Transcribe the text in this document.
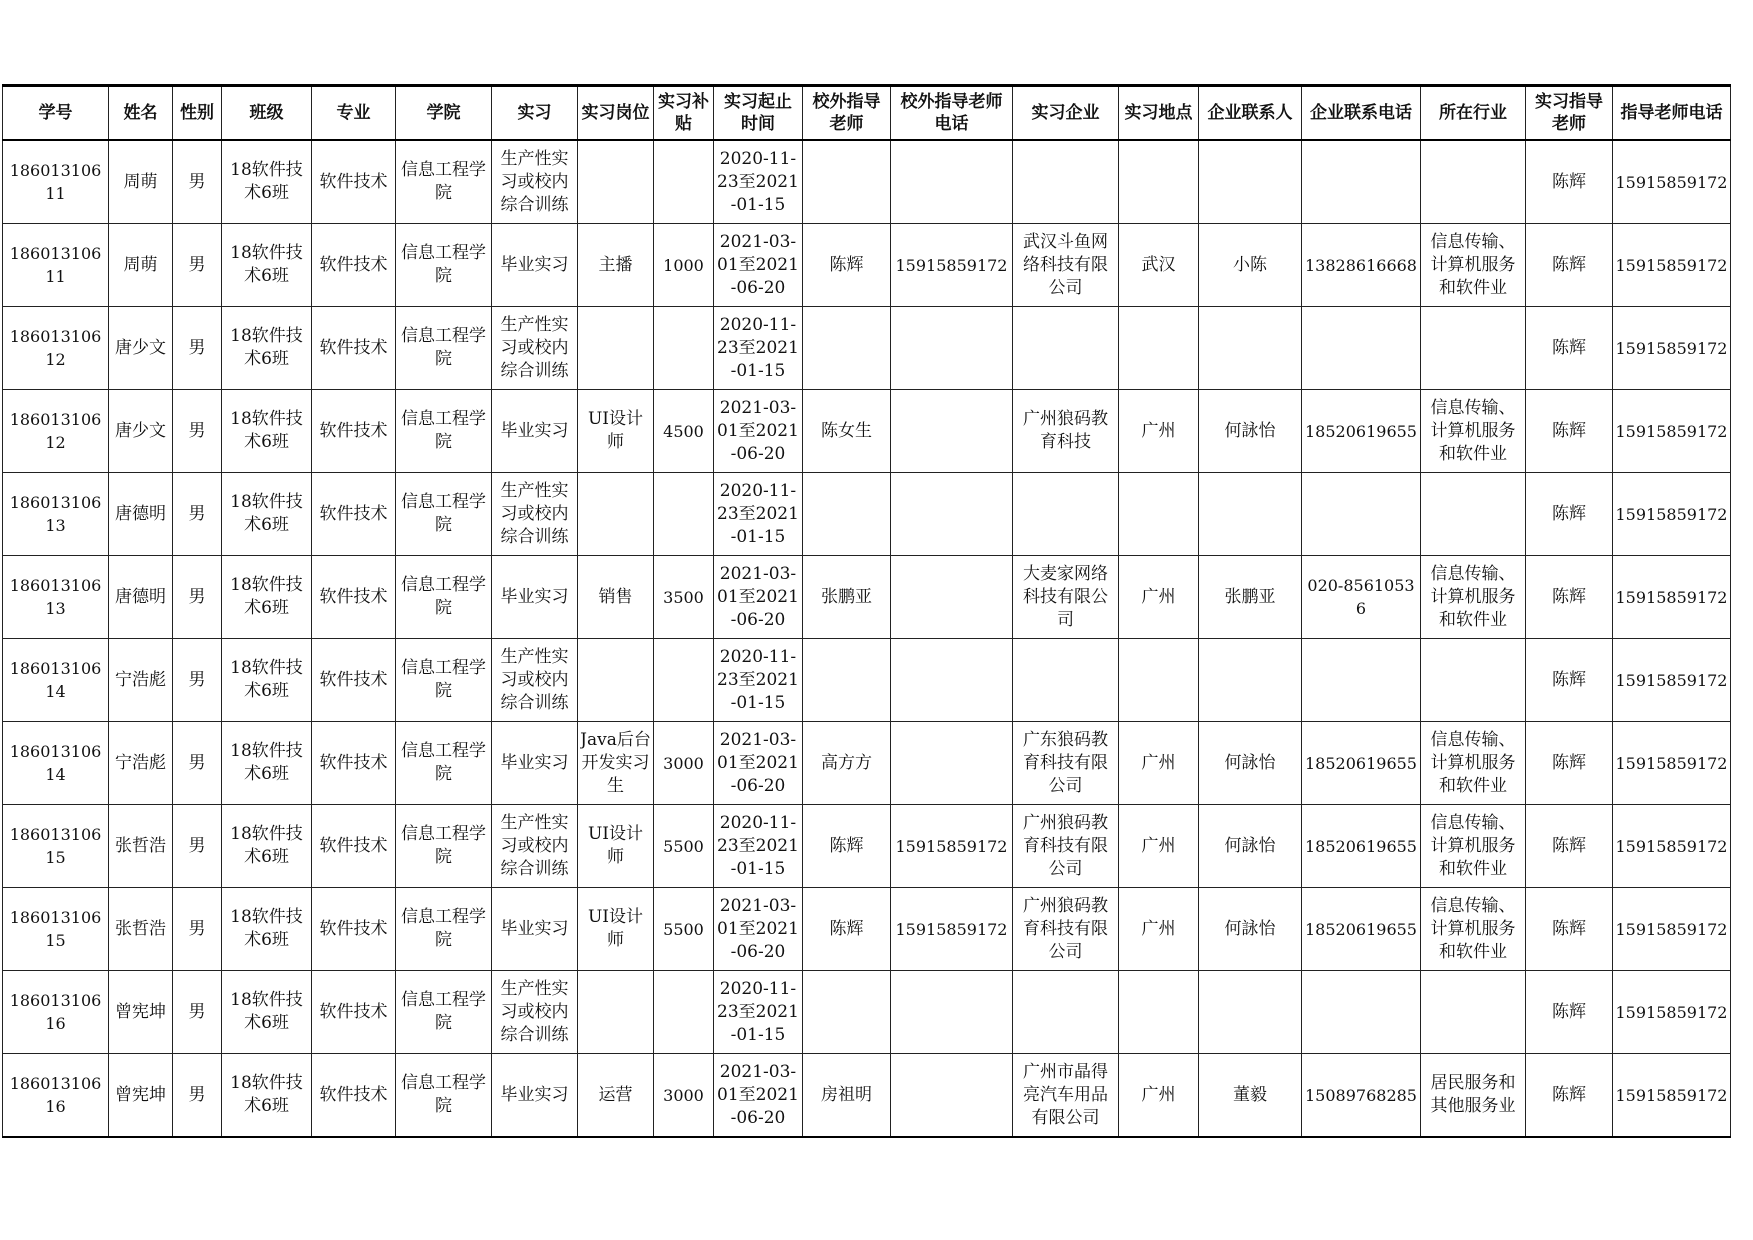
学号	姓名	性别	班级	专业	学院	实习	实习岗位	实习补贴	实习起止时间	校外指导老师	校外指导老师电话	实习企业	实习地点	企业联系人	企业联系电话	所在行业	实习指导老师	指导老师电话

18601310611	周萌	男	18软件技术6班	软件技术	信息工程学院	生产性实习或校内综合训练			2020-11-23至2021-01-15								陈辉	15915859172

18601310611	周萌	男	18软件技术6班	软件技术	信息工程学院	毕业实习	主播	1000	2021-03-01至2021-06-20	陈辉	15915859172	武汉斗鱼网络科技有限公司	武汉	小陈	13828616668	信息传输、计算机服务和软件业	陈辉	15915859172

18601310612	唐少文	男	18软件技术6班	软件技术	信息工程学院	生产性实习或校内综合训练			2020-11-23至2021-01-15								陈辉	15915859172

18601310612	唐少文	男	18软件技术6班	软件技术	信息工程学院	毕业实习	UI设计师	4500	2021-03-01至2021-06-20	陈女生		广州狼码教育科技	广州	何詠怡	18520619655	信息传输、计算机服务和软件业	陈辉	15915859172

18601310613	唐德明	男	18软件技术6班	软件技术	信息工程学院	生产性实习或校内综合训练			2020-11-23至2021-01-15								陈辉	15915859172

18601310613	唐德明	男	18软件技术6班	软件技术	信息工程学院	毕业实习	销售	3500	2021-03-01至2021-06-20	张鹏亚		大麦家网络科技有限公司	广州	张鹏亚	020-85610536	信息传输、计算机服务和软件业	陈辉	15915859172

18601310614	宁浩彪	男	18软件技术6班	软件技术	信息工程学院	生产性实习或校内综合训练			2020-11-23至2021-01-15								陈辉	15915859172

18601310614	宁浩彪	男	18软件技术6班	软件技术	信息工程学院	毕业实习	Java后台开发实习生	3000	2021-03-01至2021-06-20	高方方		广东狼码教育科技有限公司	广州	何詠怡	18520619655	信息传输、计算机服务和软件业	陈辉	15915859172

18601310615	张哲浩	男	18软件技术6班	软件技术	信息工程学院	生产性实习或校内综合训练	UI设计师	5500	2020-11-23至2021-01-15	陈辉	15915859172	广州狼码教育科技有限公司	广州	何詠怡	18520619655	信息传输、计算机服务和软件业	陈辉	15915859172

18601310615	张哲浩	男	18软件技术6班	软件技术	信息工程学院	毕业实习	UI设计师	5500	2021-03-01至2021-06-20	陈辉	15915859172	广州狼码教育科技有限公司	广州	何詠怡	18520619655	信息传输、计算机服务和软件业	陈辉	15915859172

18601310616	曾宪坤	男	18软件技术6班	软件技术	信息工程学院	生产性实习或校内综合训练			2020-11-23至2021-01-15								陈辉	15915859172

18601310616	曾宪坤	男	18软件技术6班	软件技术	信息工程学院	毕业实习	运营	3000	2021-03-01至2021-06-20	房祖明		广州市晶得亮汽车用品有限公司	广州	董毅	15089768285	居民服务和其他服务业	陈辉	15915859172
